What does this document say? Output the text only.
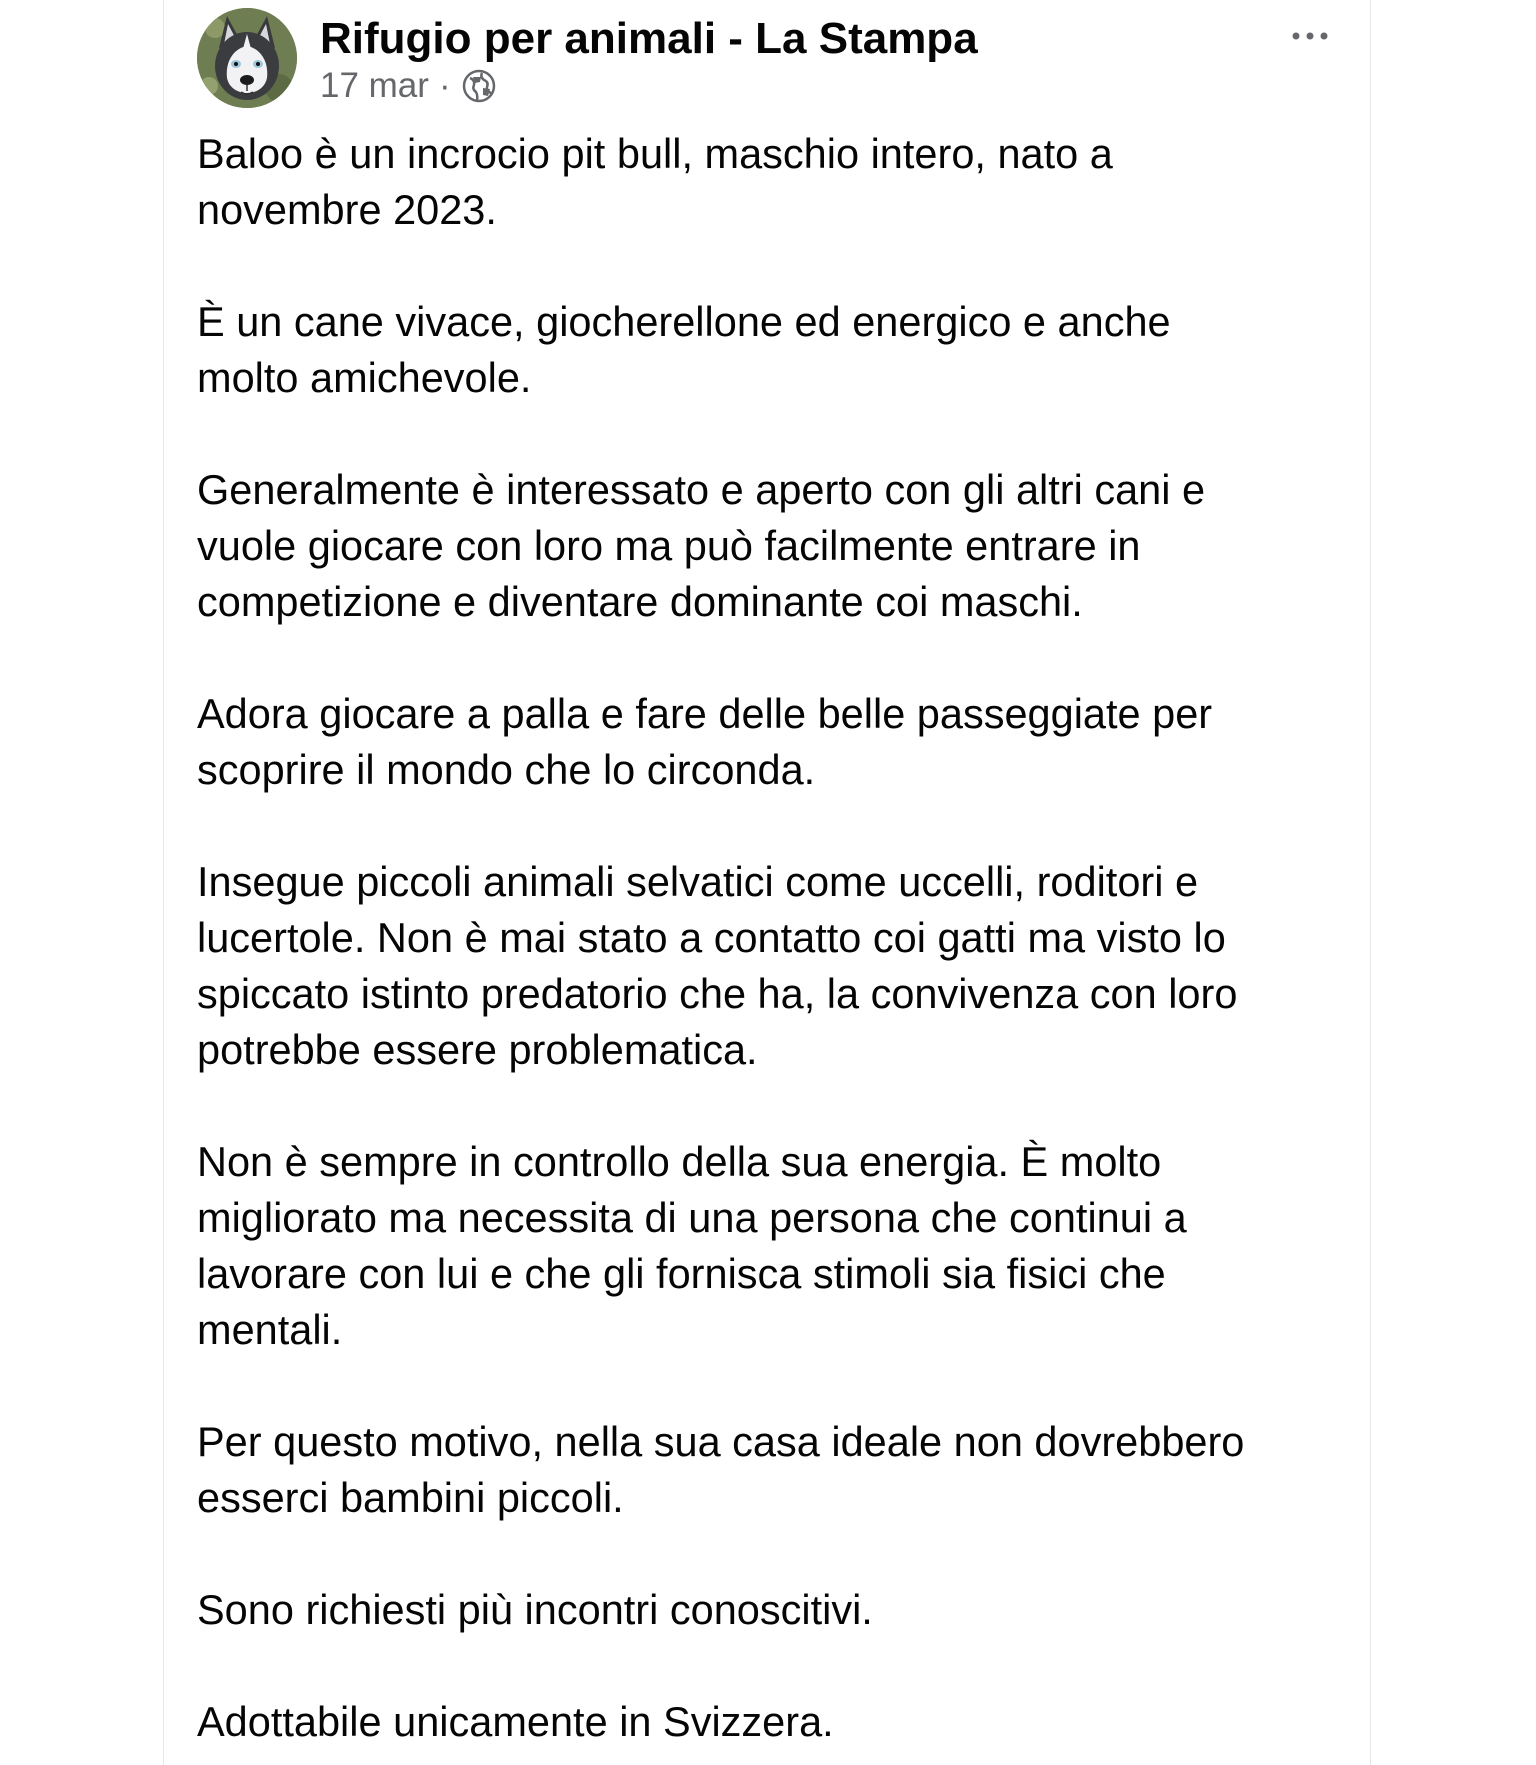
Rifugio per animali - La Stampa
17 mar ·

Baloo è un incrocio pit bull, maschio intero, nato a
novembre 2023.

È un cane vivace, giocherellone ed energico e anche
molto amichevole.

Generalmente è interessato e aperto con gli altri cani e
vuole giocare con loro ma può facilmente entrare in
competizione e diventare dominante coi maschi.

Adora giocare a palla e fare delle belle passeggiate per
scoprire il mondo che lo circonda.

Insegue piccoli animali selvatici come uccelli, roditori e
lucertole. Non è mai stato a contatto coi gatti ma visto lo
spiccato istinto predatorio che ha, la convivenza con loro
potrebbe essere problematica.

Non è sempre in controllo della sua energia. È molto
migliorato ma necessita di una persona che continui a
lavorare con lui e che gli fornisca stimoli sia fisici che
mentali.

Per questo motivo, nella sua casa ideale non dovrebbero
esserci bambini piccoli.

Sono richiesti più incontri conoscitivi.

Adottabile unicamente in Svizzera.
